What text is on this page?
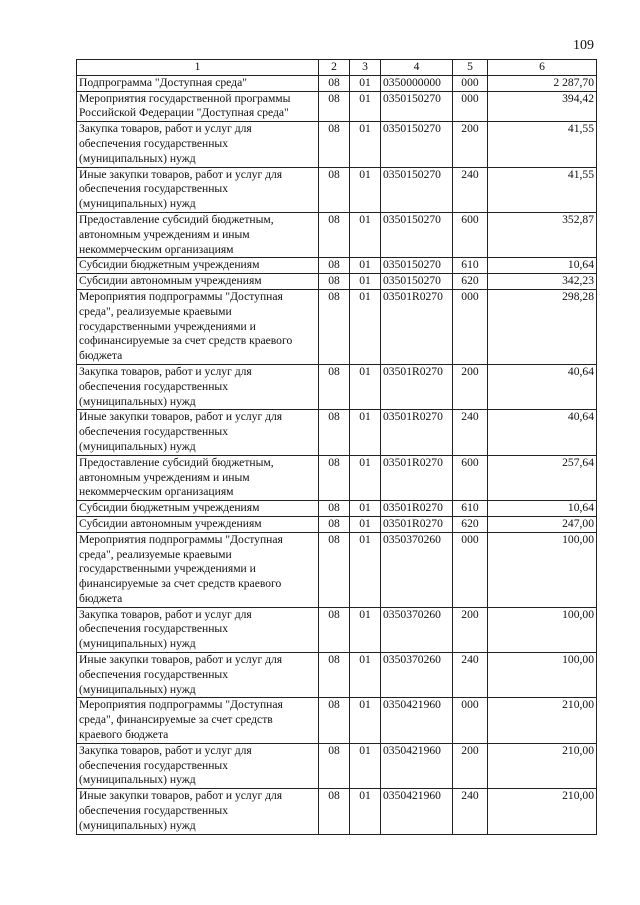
109
1	2	3	4	5	6
Подпрограмма "Доступная среда"	08	01	0350000000	000	2 287,70
Мероприятия государственной программы Российской Федерации "Доступная среда"	08	01	0350150270	000	394,42
Закупка товаров, работ и услуг для обеспечения государственных (муниципальных) нужд	08	01	0350150270	200	41,55
Иные закупки товаров, работ и услуг для обеспечения государственных (муниципальных) нужд	08	01	0350150270	240	41,55
Предоставление субсидий бюджетным, автономным учреждениям и иным некоммерческим организациям	08	01	0350150270	600	352,87
Субсидии бюджетным учреждениям	08	01	0350150270	610	10,64
Субсидии автономным учреждениям	08	01	0350150270	620	342,23
Мероприятия подпрограммы "Доступная среда", реализуемые краевыми государственными учреждениями и софинансируемые за счет средств краевого бюджета	08	01	03501R0270	000	298,28
Закупка товаров, работ и услуг для обеспечения государственных (муниципальных) нужд	08	01	03501R0270	200	40,64
Иные закупки товаров, работ и услуг для обеспечения государственных (муниципальных) нужд	08	01	03501R0270	240	40,64
Предоставление субсидий бюджетным, автономным учреждениям и иным некоммерческим организациям	08	01	03501R0270	600	257,64
Субсидии бюджетным учреждениям	08	01	03501R0270	610	10,64
Субсидии автономным учреждениям	08	01	03501R0270	620	247,00
Мероприятия подпрограммы "Доступная среда", реализуемые краевыми государственными учреждениями и финансируемые за счет средств краевого бюджета	08	01	0350370260	000	100,00
Закупка товаров, работ и услуг для обеспечения государственных (муниципальных) нужд	08	01	0350370260	200	100,00
Иные закупки товаров, работ и услуг для обеспечения государственных (муниципальных) нужд	08	01	0350370260	240	100,00
Мероприятия подпрограммы "Доступная среда", финансируемые за счет средств краевого бюджета	08	01	0350421960	000	210,00
Закупка товаров, работ и услуг для обеспечения государственных (муниципальных) нужд	08	01	0350421960	200	210,00
Иные закупки товаров, работ и услуг для обеспечения государственных (муниципальных) нужд	08	01	0350421960	240	210,00
